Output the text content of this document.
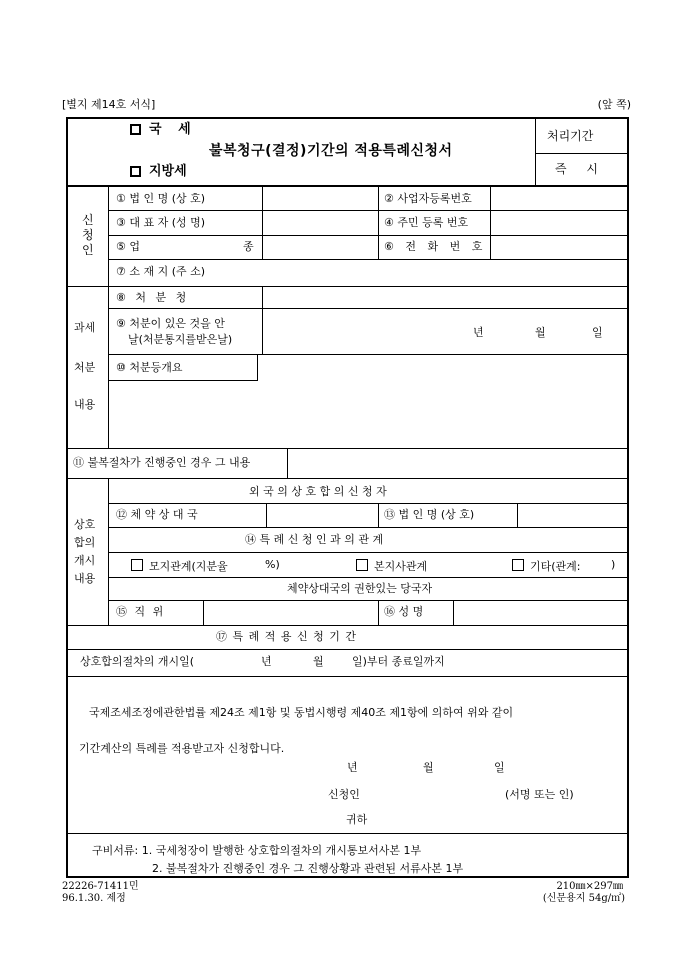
[별지 제14호 서식]	(앞 쪽)
국 세
지방세
불복청구(결정)기간의 적용특례신청서
처리기간
즉 시
신
청
인
① 법 인 명 (상 호)	② 사업자등록번호
③ 대 표 자 (성 명)	④ 주민 등록 번호
⑤ 업	종	⑥ 전 화 번 호
⑦ 소 재 지 (주 소)
과세
처분
내용
⑧ 처 분 청
⑨ 처분이 있은 것을 안
날(처분통지를받은날)
년	월	일
⑩ 처분등개요
⑪ 불복절차가 진행중인 경우 그 내용
상호
합의
개시
내용
외 국 의 상 호 합 의 신 청 자
⑫ 체 약 상 대 국	⑬ 법 인 명 (상 호)
⑭ 특 례 신 청 인 과 의 관 계
모지관계(지분율	%)	본지사관계	기타(관계:	)
체약상대국의 권한있는 당국자
⑮ 직 위	⑯ 성 명
⑰ 특 례 적 용 신 청 기 간
상호합의절차의 개시일(	년	월	일)부터 종료일까지
국제조세조정에관한법률 제24조 제1항 및 동법시행령 제40조 제1항에 의하여 위와 같이
기간계산의 특례를 적용받고자 신청합니다.
년	월	일
신청인	(서명 또는 인)
귀하
구비서류: 1. 국세청장이 발행한 상호합의절차의 개시통보서사본 1부
2. 불복절차가 진행중인 경우 그 진행상황과 관련된 서류사본 1부
22226-71411민
96.1.30. 제정
210㎜×297㎜
(신문용지 54g/㎡)
